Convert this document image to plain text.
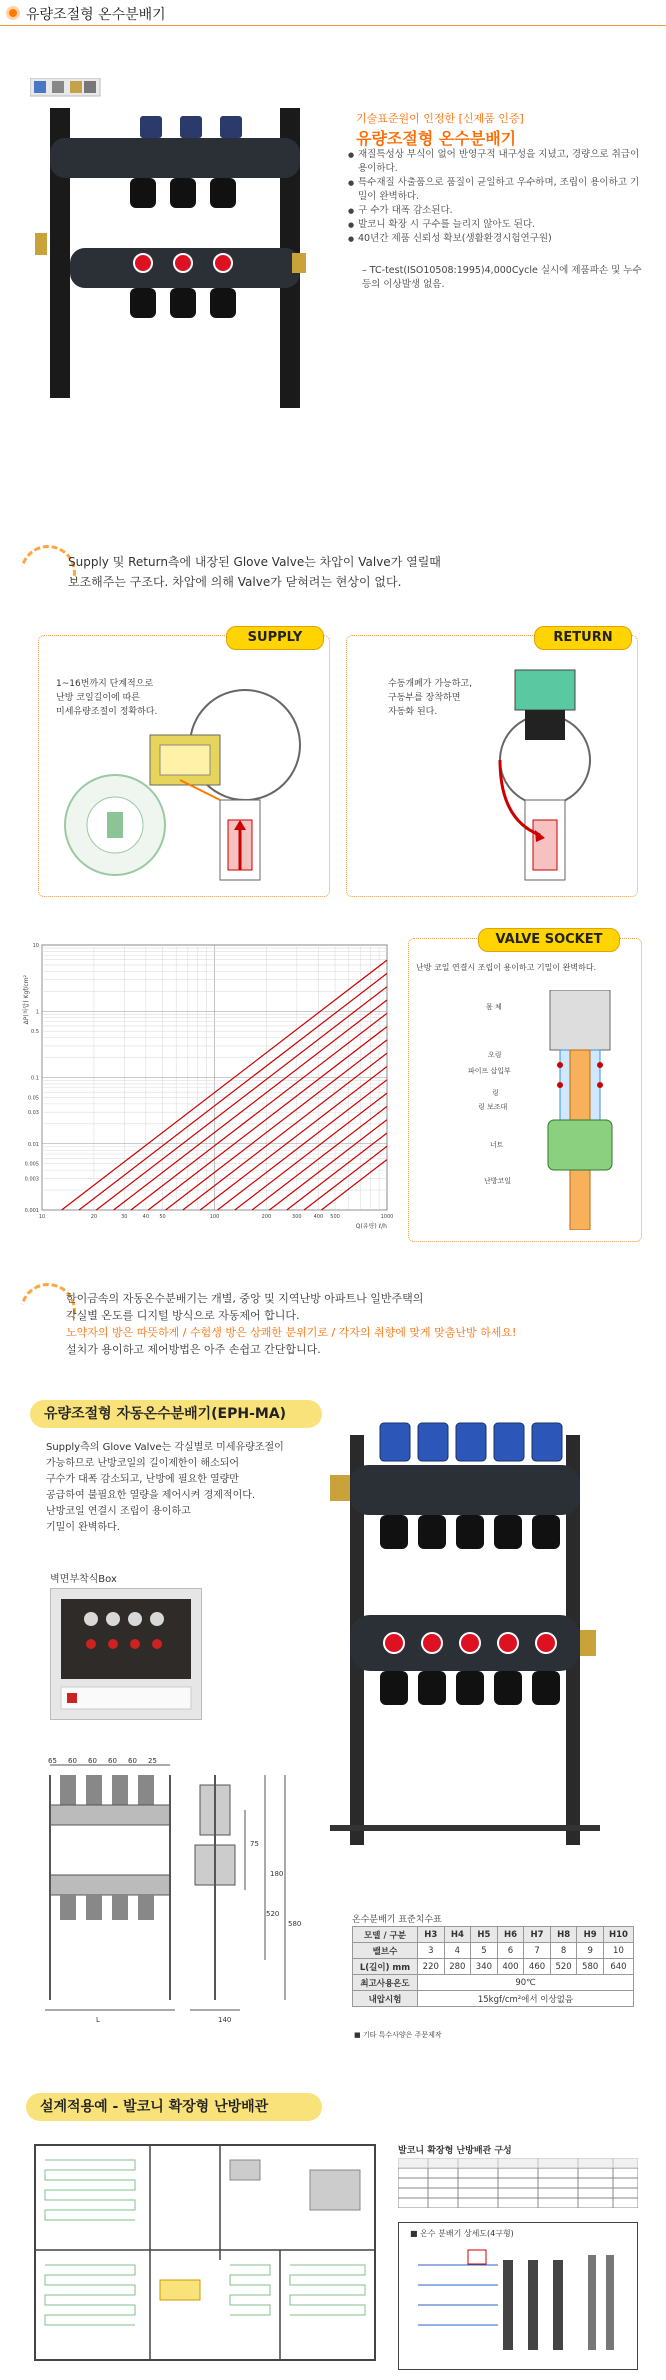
유량조절형 온수분배기
기술표준원이 인정한 [신제품 인증]
유량조절형 온수분배기
● 재질특성상 부식이 없어 반영구적 내구성을 지녔고, 경량으로 취급이 용이하다.
● 특수재질 사출품으로 품질이 균일하고 우수하며, 조립이 용이하고 기밀이 완벽하다.
● 구 수가 대폭 감소된다.
● 발코니 확장 시 구수를 늘리지 않아도 된다.
● 40년간 제품 신뢰성 확보(생활환경시험연구원)
– TC-test(ISO10508:1995)4,000Cycle 실시에 제품파손 및 누수 등의 이상발생 없음.
Supply 및 Return측에 내장된 Glove Valve는 차압이 Valve가 열릴때
보조해주는 구조다. 차압에 의해 Valve가 닫혀려는 현상이 없다.
SUPPLY
1~16번까지 단계적으로
난방 코일길이에 따른
미세유량조절이 정확하다.
RETURN
수동개폐가 가능하고,
구동부를 장착하면
자동화 된다.
10
1
0.5
0.1
0.05
0.03
0.01
0.005
0.003
0.001
10	20	30	40 50	100	200	300 400 500	1000
ΔP(차압) Kgf/cm²
Q(유량) ℓ/h
VALVE SOCKET
난방 코일 연결시 조립이 용이하고 기밀이 완벽하다.
몸 체
오링
파이프 삽입부
링
링 보조대
너트
난방코일
한이금속의 자동온수분배기는 개별, 중앙 및 지역난방 아파트나 일반주택의
각실별 온도를 디지털 방식으로 자동제어 합니다.
노약자의 방은 따뜻하게 / 수험생 방은 상쾌한 분위기로 / 각자의 취향에 맞게 맞춤난방 하세요!
설치가 용이하고 제어방법은 아주 손쉽고 간단합니다.
유량조절형 자동온수분배기(EPH-MA)
Supply측의 Glove Valve는 각실별로 미세유량조절이
가능하므로 난방코일의 길이제한이 해소되어
구수가 대폭 감소되고, 난방에 필요한 열량만
공급하여 불필요한 열량을 제어시켜 경제적이다.
난방코일 연결시 조립이 용이하고
기밀이 완벽하다.
벽면부착식Box
65 60 60 60 60 25
75
180
520
580
L	140
온수분배기 표준치수표
모델 / 구분	H3	H4	H5	H6	H7	H8	H9	H10
밸브수	3	4	5	6	7	8	9	10
L(길이) mm	220	280	340	400	460	520	580	640
최고사용온도	90℃							
내압시험	15kgf/cm²에서 이상없음							
■ 기타 특수사양은 주문제작
설계적용예 - 발코니 확장형 난방배관
발코니 확장형 난방배관 구성
■ 온수 분배기 상세도(4구형)
